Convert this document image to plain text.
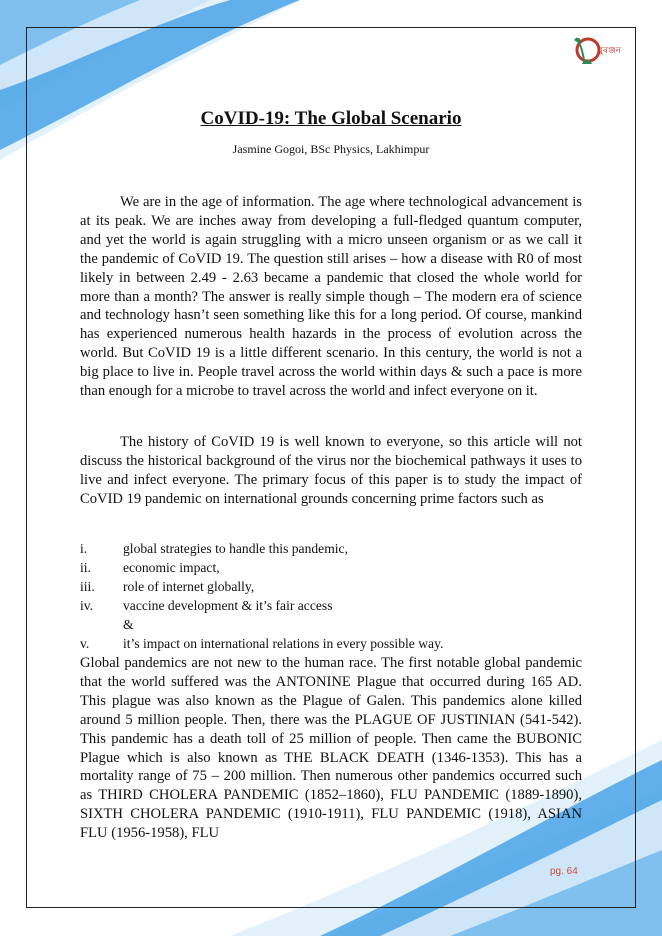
বুৰঞ্জন
CoVID-19: The Global Scenario
Jasmine Gogoi, BSc Physics, Lakhimpur
We are in the age of information. The age where technological advancement is at its peak. We are inches away from developing a full-fledged quantum computer, and yet the world is again struggling with a micro unseen organism or as we call it the pandemic of CoVID 19. The question still arises – how a disease with R0 of most likely in between 2.49 - 2.63 became a pandemic that closed the whole world for more than a month? The answer is really simple though – The modern era of science and technology hasn’t seen something like this for a long period. Of course, mankind has experienced numerous health hazards in the process of evolution across the world. But CoVID 19 is a little different scenario. In this century, the world is not a big place to live in. People travel across the world within days & such a pace is more than enough for a microbe to travel across the world and infect everyone on it.
The history of CoVID 19 is well known to everyone, so this article will not discuss the historical background of the virus nor the biochemical pathways it uses to live and infect everyone. The primary focus of this paper is to study the impact of CoVID 19 pandemic on international grounds concerning prime factors such as
i.	global strategies to handle this pandemic,
ii.	economic impact,
iii.	role of internet globally,
iv.	vaccine development & it’s fair access
&
v.	it’s impact on international relations in every possible way.
Global pandemics are not new to the human race. The first notable global pandemic that the world suffered was the ANTONINE Plague that occurred during 165 AD. This plague was also known as the Plague of Galen. This pandemics alone killed around 5 million people. Then, there was the PLAGUE OF JUSTINIAN (541-542). This pandemic has a death toll of 25 million of people. Then came the BUBONIC Plague which is also known as THE BLACK DEATH (1346-1353). This has a mortality range of 75 – 200 million. Then numerous other pandemics occurred such as THIRD CHOLERA PANDEMIC (1852–1860), FLU PANDEMIC (1889-1890), SIXTH CHOLERA PANDEMIC (1910-1911), FLU PANDEMIC (1918), ASIAN FLU (1956-1958), FLU
pg. 64
